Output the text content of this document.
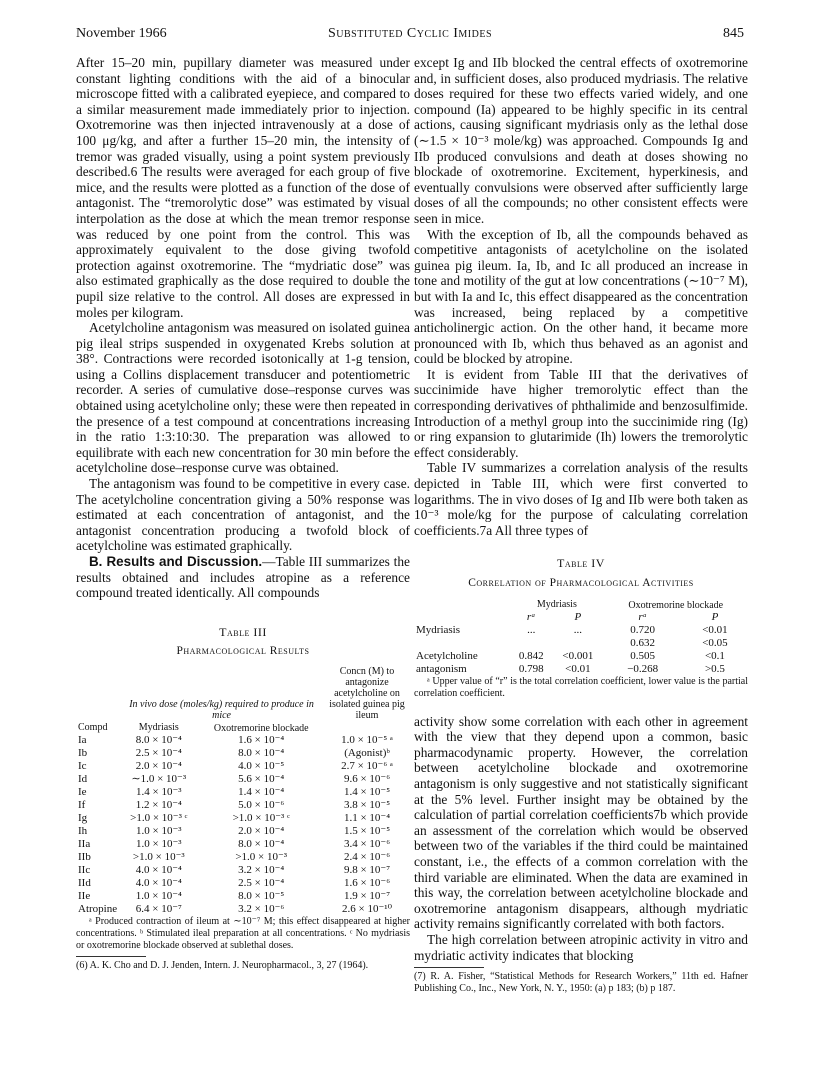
November 1966	Substituted Cyclic Imides	845

After 15–20 min, pupillary diameter was measured under constant lighting conditions with the aid of a binocular microscope fitted with a calibrated eyepiece, and compared to a similar measurement made immediately prior to injection. Oxotremorine was then injected intravenously at a dose of 100 μg/kg, and after a further 15–20 min, the intensity of tremor was graded visually, using a point system previously described.6 The results were averaged for each group of five mice, and the results were plotted as a function of the dose of antagonist. The “tremorolytic dose” was estimated by visual interpolation as the dose at which the mean tremor response was reduced by one point from the control. This was approximately equivalent to the dose giving twofold protection against oxotremorine. The “mydriatic dose” was also estimated graphically as the dose required to double the pupil size relative to the control. All doses are expressed in moles per kilogram.

Acetylcholine antagonism was measured on isolated guinea pig ileal strips suspended in oxygenated Krebs solution at 38°. Contractions were recorded isotonically at 1-g tension, using a Collins displacement transducer and potentiometric recorder. A series of cumulative dose–response curves was obtained using acetylcholine only; these were then repeated in the presence of a test compound at concentrations increasing in the ratio 1:3:10:30. The preparation was allowed to equilibrate with each new concentration for 30 min before the acetylcholine dose–response curve was obtained.

The antagonism was found to be competitive in every case. The acetylcholine concentration giving a 50% response was estimated at each concentration of antagonist, and the antagonist concentration producing a twofold block of acetylcholine was estimated graphically.

B. Results and Discussion.—Table III summarizes the results obtained and includes atropine as a reference compound treated identically. All compounds

Table III
Pharmacological Results
	In vivo dose (moles/kg) required to produce in mice		Concn (M) to antagonize acetylcholine on isolated guinea pig ileum
Compd	Mydriasis	Oxotremorine blockade	
Ia	8.0 × 10⁻⁴	1.6 × 10⁻⁴	1.0 × 10⁻⁵ ᵃ
Ib	2.5 × 10⁻⁴	8.0 × 10⁻⁴	(Agonist)ᵇ
Ic	2.0 × 10⁻⁴	4.0 × 10⁻⁵	2.7 × 10⁻⁶ ᵃ
Id	∼1.0 × 10⁻³	5.6 × 10⁻⁴	9.6 × 10⁻⁶
Ie	1.4 × 10⁻³	1.4 × 10⁻⁴	1.4 × 10⁻⁵
If	1.2 × 10⁻⁴	5.0 × 10⁻⁶	3.8 × 10⁻⁵
Ig	>1.0 × 10⁻³ ᶜ	>1.0 × 10⁻³ ᶜ	1.1 × 10⁻⁴
Ih	1.0 × 10⁻³	2.0 × 10⁻⁴	1.5 × 10⁻⁵
IIa	1.0 × 10⁻³	8.0 × 10⁻⁴	3.4 × 10⁻⁶
IIb	>1.0 × 10⁻³	>1.0 × 10⁻³	2.4 × 10⁻⁶
IIc	4.0 × 10⁻⁴	3.2 × 10⁻⁴	9.8 × 10⁻⁷
IId	4.0 × 10⁻⁴	2.5 × 10⁻⁴	1.6 × 10⁻⁶
IIe	1.0 × 10⁻⁴	8.0 × 10⁻⁵	1.9 × 10⁻⁷
Atropine	6.4 × 10⁻⁷	3.2 × 10⁻⁶	2.6 × 10⁻¹⁰

ᵃ Produced contraction of ileum at ∼10⁻⁷ M; this effect disappeared at higher concentrations. ᵇ Stimulated ileal preparation at all concentrations. ᶜ No mydriasis or oxotremorine blockade observed at sublethal doses.

(6) A. K. Cho and D. J. Jenden, Intern. J. Neuropharmacol., 3, 27 (1964).

except Ig and IIb blocked the central effects of oxotremorine and, in sufficient doses, also produced mydriasis. The relative doses required for these two effects varied widely, and one compound (Ia) appeared to be highly specific in its central actions, causing significant mydriasis only as the lethal dose (∼1.5 × 10⁻³ mole/kg) was approached. Compounds Ig and IIb produced convulsions and death at doses showing no blockade of oxotremorine. Excitement, hyperkinesis, and eventually convulsions were observed after sufficiently large doses of all the compounds; no other consistent effects were seen in mice.

With the exception of Ib, all the compounds behaved as competitive antagonists of acetylcholine on the isolated guinea pig ileum. Ia, Ib, and Ic all produced an increase in tone and motility of the gut at low concentrations (∼10⁻⁷ M), but with Ia and Ic, this effect disappeared as the concentration was increased, being replaced by a competitive anticholinergic action. On the other hand, it became more pronounced with Ib, which thus behaved as an agonist and could be blocked by atropine.

It is evident from Table III that the derivatives of succinimide have higher tremorolytic effect than the corresponding derivatives of phthalimide and benzosulfimide. Introduction of a methyl group into the succinimide ring (Ig) or ring expansion to glutarimide (Ih) lowers the tremorolytic effect considerably.

Table IV summarizes a correlation analysis of the results depicted in Table III, which were first converted to logarithms. The in vivo doses of Ig and IIb were both taken as 10⁻³ mole/kg for the purpose of calculating correlation coefficients.7a All three types of

Table IV
Correlation of Pharmacological Activities
	Mydriasis		Oxotremorine blockade	
	rᵃ	P	rᵃ	P
Mydriasis	...	...	0.720	<0.01
			0.632	<0.05
Acetylcholine	0.842	<0.001	0.505	<0.1
antagonism	0.798	<0.01	−0.268	>0.5

ᵃ Upper value of “r” is the total correlation coefficient, lower value is the partial correlation coefficient.

activity show some correlation with each other in agreement with the view that they depend upon a common, basic pharmacodynamic property. However, the correlation between acetylcholine blockade and oxotremorine antagonism is only suggestive and not statistically significant at the 5% level. Further insight may be obtained by the calculation of partial correlation coefficients7b which provide an assessment of the correlation which would be observed between two of the variables if the third could be maintained constant, i.e., the effects of a common correlation with the third variable are eliminated. When the data are examined in this way, the correlation between acetylcholine blockade and oxotremorine antagonism disappears, although mydriatic activity remains significantly correlated with both factors.

The high correlation between atropinic activity in vitro and mydriatic activity indicates that blocking

(7) R. A. Fisher, “Statistical Methods for Research Workers,” 11th ed. Hafner Publishing Co., Inc., New York, N. Y., 1950: (a) p 183; (b) p 187.
